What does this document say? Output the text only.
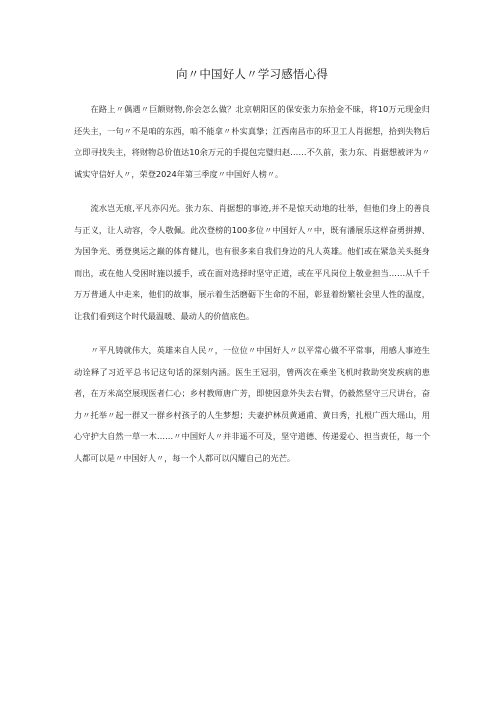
向〃中国好人〃学习感悟心得

在路上〃偶遇〃巨额财物,你会怎么做？北京朝阳区的保安张力东拾金不昧，将10万元现金归还失主，一句〃不是咱的东西，咱不能拿〃朴实真挚；江西南昌市的环卫工人肖据想，拾到失物后立即寻找失主，将财物总价值达10余万元的手提包完璧归赵……不久前，张力东、肖据想被评为〃诚实守信好人〃，荣登2024年第三季度〃中国好人榜〃。

流水岂无痕,平凡亦闪光。张力东、肖据想的事迹,并不是惊天动地的壮举，但他们身上的善良与正义，让人动容，令人敬佩。此次登榜的100多位〃中国好人〃中，既有潘展乐这样奋勇拼搏、为国争光、勇登奥运之巅的体育健儿，也有很多来自我们身边的凡人英雄。他们或在紧急关头挺身而出，或在他人受困时施以援手，或在面对选择时坚守正道，或在平凡岗位上敬业担当……从千千万万普通人中走来，他们的故事，展示着生活磨砺下生命的不屈，彰显着纷繁社会里人性的温度，让我们看到这个时代最温暖、最动人的价值底色。

〃平凡铸就伟大，英雄来自人民〃，一位位〃中国好人〃以平常心做不平常事，用感人事迹生动诠释了习近平总书记这句话的深刻内涵。医生王冠羽，曾两次在乘坐飞机时救助突发疾病的患者，在万米高空展现医者仁心；乡村教师唐广芳，即使因意外失去右臂，仍毅然坚守三尺讲台，奋力〃托举〃起一群又一群乡村孩子的人生梦想；夫妻护林员黄通甫、黄日秀，扎根广西大瑶山，用心守护大自然一草一木……〃中国好人〃并非遥不可及，坚守道德、传递爱心、担当责任，每一个人都可以是〃中国好人〃，每一个人都可以闪耀自己的光芒。
